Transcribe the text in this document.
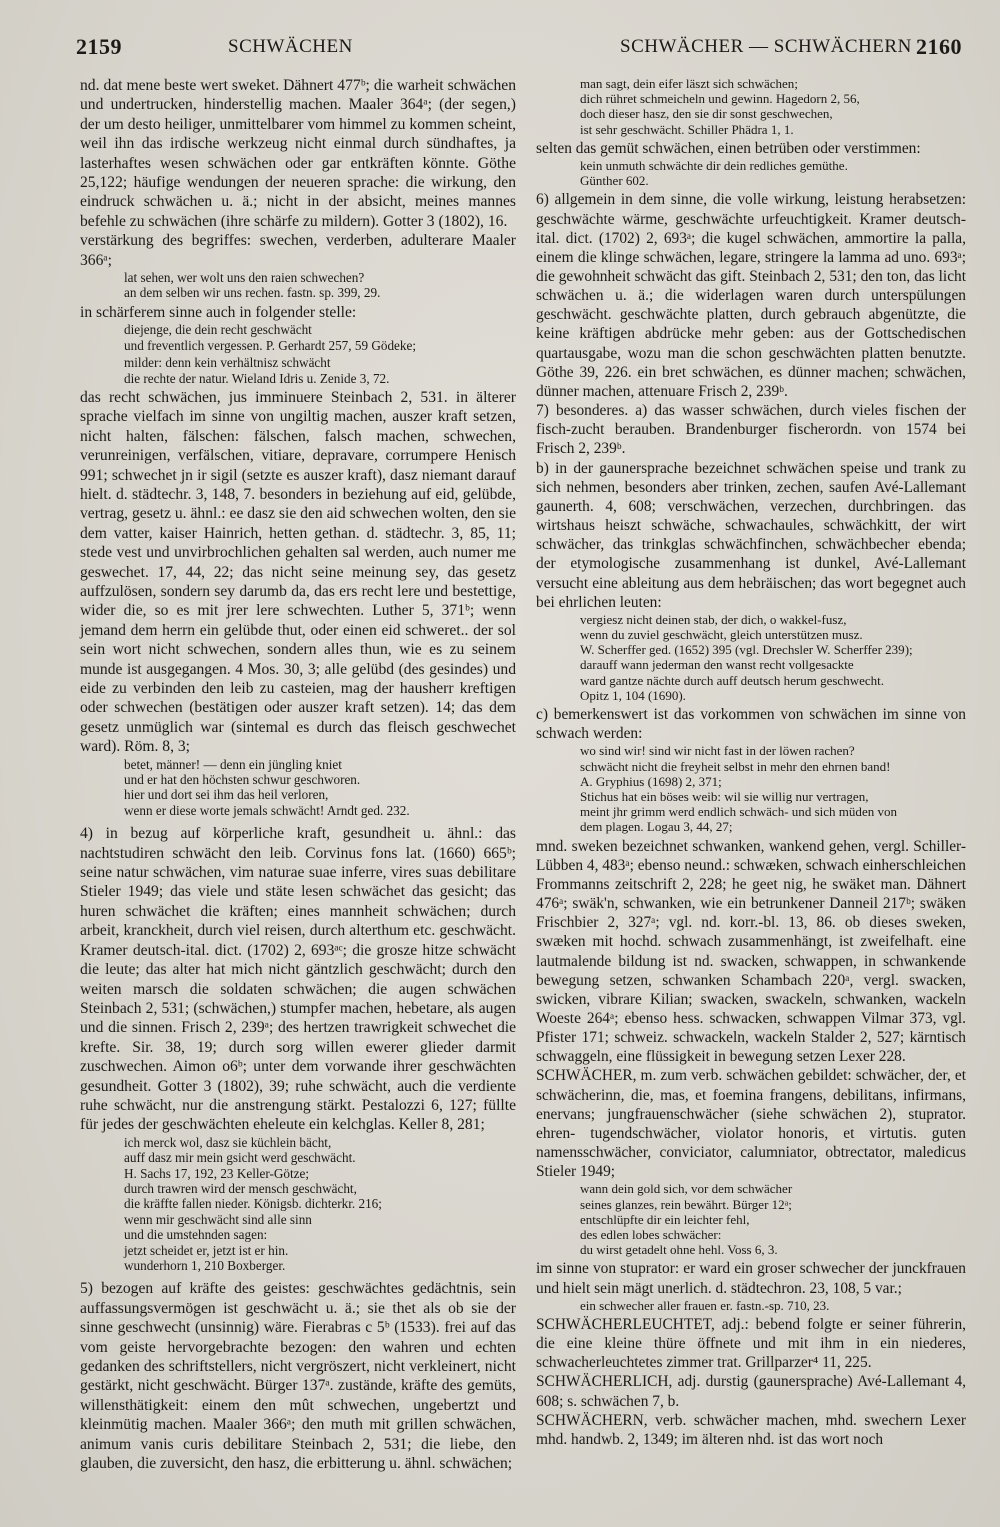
2159	SCHWÄCHEN	SCHWÄCHER — SCHWÄCHERN 2160

nd. dat mene beste wert sweket. Dähnert 477ᵇ; die warheit schwächen und undertrucken, hinderstellig machen. Maaler 364ᵃ; (der segen,) der um desto heiliger, unmittelbarer vom himmel zu kommen scheint, weil ihn das irdische werkzeug nicht einmal durch sündhaftes, ja lasterhaftes wesen schwächen oder gar entkräften könnte. Göthe 25,122; häufige wendungen der neueren sprache: die wirkung, den eindruck schwächen u. ä.; nicht in der absicht, meines mannes befehle zu schwächen (ihre schärfe zu mildern). Gotter 3 (1802), 16.

verstärkung des begriffes: swechen, verderben, adulterare Maaler 366ᵃ;

lat sehen, wer wolt uns den raien schwechen?
an dem selben wir uns rechen. fastn. sp. 399, 29.

in schärferem sinne auch in folgender stelle:

diejenge, die dein recht geschwächt
und freventlich vergessen. P. Gerhardt 257, 59 Gödeke;

milder: denn kein verhältnisz schwächt
die rechte der natur. Wieland Idris u. Zenide 3, 72.

das recht schwächen, jus imminuere Steinbach 2, 531. in älterer sprache vielfach im sinne von ungiltig machen, auszer kraft setzen, nicht halten, fälschen: fälschen, falsch machen, schwechen, verunreinigen, verfälschen, vitiare, depravare, corrumpere Henisch 991; schwechet jn ir sigil (setzte es auszer kraft), dasz niemant darauf hielt. d. städtechr. 3, 148, 7. besonders in beziehung auf eid, gelübde, vertrag, gesetz u. ähnl.: ee dasz sie den aid schwechen wolten, den sie dem vatter, kaiser Hainrich, hetten gethan. d. städtechr. 3, 85, 11; stede vest und unvirbrochlichen gehalten sal werden, auch numer me geswechet. 17, 44, 22; das nicht seine meinung sey, das gesetz auffzulösen, sondern sey darumb da, das ers recht lere und bestettige, wider die, so es mit jrer lere schwechten. Luther 5, 371ᵇ; wenn jemand dem herrn ein gelübde thut, oder einen eid schweret.. der sol sein wort nicht schwechen, sondern alles thun, wie es zu seinem munde ist ausgegangen. 4 Mos. 30, 3; alle gelübd (des gesindes) und eide zu verbinden den leib zu casteien, mag der hausherr kreftigen oder schwechen (bestätigen oder auszer kraft setzen). 14; das dem gesetz unmüglich war (sintemal es durch das fleisch geschwechet ward). Röm. 8, 3;

betet, männer! — denn ein jüngling kniet
und er hat den höchsten schwur geschworen.
hier und dort sei ihm das heil verloren,
wenn er diese worte jemals schwächt! Arndt ged. 232.

4) in bezug auf körperliche kraft, gesundheit u. ähnl.: das nachtstudiren schwächt den leib. Corvinus fons lat. (1660) 665ᵇ; seine natur schwächen, vim naturae suae inferre, vires suas debilitare Stieler 1949; das viele und stäte lesen schwächet das gesicht; das huren schwächet die kräften; eines mannheit schwächen; durch arbeit, kranckheit, durch viel reisen, durch alterthum etc. geschwächt. Kramer deutsch-ital. dict. (1702) 2, 693ᵃᶜ; die grosze hitze schwächt die leute; das alter hat mich nicht gäntzlich geschwächt; durch den weiten marsch die soldaten schwächen; die augen schwächen Steinbach 2, 531; (schwächen,) stumpfer machen, hebetare, als augen und die sinnen. Frisch 2, 239ᵃ; des hertzen trawrigkeit schwechet die krefte. Sir. 38, 19; durch sorg willen ewerer glieder darmit zuschwechen. Aimon o6ᵇ; unter dem vorwande ihrer geschwächten gesundheit. Gotter 3 (1802), 39; ruhe schwächt, auch die verdiente ruhe schwächt, nur die anstrengung stärkt. Pestalozzi 6, 127; füllte für jedes der geschwächten eheleute ein kelchglas. Keller 8, 281;

ich merck wol, dasz sie küchlein bächt,
auff dasz mir mein gsicht werd geschwächt.
H. Sachs 17, 192, 23 Keller-Götze;
durch trawren wird der mensch geschwächt,
die kräffte fallen nieder. Königsb. dichterkr. 216;
wenn mir geschwächt sind alle sinn
und die umstehnden sagen:
jetzt scheidet er, jetzt ist er hin.
wunderhorn 1, 210 Boxberger.

5) bezogen auf kräfte des geistes: geschwächtes gedächtnis, sein auffassungsvermögen ist geschwächt u. ä.; sie thet als ob sie der sinne geschwecht (unsinnig) wäre. Fierabras c 5ᵇ (1533). frei auf das vom geiste hervorgebrachte bezogen: den wahren und echten gedanken des schriftstellers, nicht vergröszert, nicht verkleinert, nicht gestärkt, nicht geschwächt. Bürger 137ᵃ. zustände, kräfte des gemüts, willensthätigkeit: einem den mût schwechen, ungebertzt und kleinmütig machen. Maaler 366ᵃ; den muth mit grillen schwächen, animum vanis curis debilitare Steinbach 2, 531; die liebe, den glauben, die zuversicht, den hasz, die erbitterung u. ähnl. schwächen;

man sagt, dein eifer läszt sich schwächen;
dich rühret schmeicheln und gewinn. Hagedorn 2, 56,
doch dieser hasz, den sie dir sonst geschwechen,
ist sehr geschwächt. Schiller Phädra 1, 1.

selten das gemüt schwächen, einen betrüben oder verstimmen:

kein unmuth schwächte dir dein redliches gemüthe.
Günther 602.

6) allgemein in dem sinne, die volle wirkung, leistung herabsetzen: geschwächte wärme, geschwächte urfeuchtigkeit. Kramer deutsch-ital. dict. (1702) 2, 693ᵃ; die kugel schwächen, ammortire la palla, einem die klinge schwächen, legare, stringere la lamma ad uno. 693ᵃ; die gewohnheit schwächt das gift. Steinbach 2, 531; den ton, das licht schwächen u. ä.; die widerlagen waren durch unterspülungen geschwächt. geschwächte platten, durch gebrauch abgenützte, die keine kräftigen abdrücke mehr geben: aus der Gottschedischen quartausgabe, wozu man die schon geschwächten platten benutzte. Göthe 39, 226. ein bret schwächen, es dünner machen; schwächen, dünner machen, attenuare Frisch 2, 239ᵇ.

7) besonderes. a) das wasser schwächen, durch vieles fischen der fisch-zucht berauben. Brandenburger fischerordn. von 1574 bei Frisch 2, 239ᵇ.

b) in der gaunersprache bezeichnet schwächen speise und trank zu sich nehmen, besonders aber trinken, zechen, saufen Avé-Lallemant gaunerth. 4, 608; verschwächen, verzechen, durchbringen. das wirtshaus heiszt schwäche, schwachaules, schwächkitt, der wirt schwächer, das trinkglas schwächfinchen, schwächbecher ebenda; der etymologische zusammenhang ist dunkel, Avé-Lallemant versucht eine ableitung aus dem hebräischen; das wort begegnet auch bei ehrlichen leuten:

vergiesz nicht deinen stab, der dich, o wakkel-fusz,
wenn du zuviel geschwächt, gleich unterstützen musz.
W. Scherffer ged. (1652) 395 (vgl. Drechsler W. Scherffer 239);
darauff wann jederman den wanst recht vollgesackte
ward gantze nächte durch auff deutsch herum geschwecht.
Opitz 1, 104 (1690).

c) bemerkenswert ist das vorkommen von schwächen im sinne von schwach werden:

wo sind wir! sind wir nicht fast in der löwen rachen?
schwächt nicht die freyheit selbst in mehr den ehrnen band!
A. Gryphius (1698) 2, 371;
Stichus hat ein böses weib: wil sie willig nur vertragen,
meint jhr grimm werd endlich schwäch- und sich müden von
dem plagen. Logau 3, 44, 27;

mnd. sweken bezeichnet schwanken, wankend gehen, vergl. Schiller-Lübben 4, 483ᵃ; ebenso neund.: schwæken, schwach einherschleichen Frommanns zeitschrift 2, 228; he geet nig, he swäket man. Dähnert 476ᵃ; swäk'n, schwanken, wie ein betrunkener Danneil 217ᵇ; swäken Frischbier 2, 327ᵃ; vgl. nd. korr.-bl. 13, 86. ob dieses sweken, swæken mit hochd. schwach zusammenhängt, ist zweifelhaft. eine lautmalende bildung ist nd. swacken, schwappen, in schwankende bewegung setzen, schwanken Schambach 220ᵃ, vergl. swacken, swicken, vibrare Kilian; swacken, swackeln, schwanken, wackeln Woeste 264ᵃ; ebenso hess. schwacken, schwappen Vilmar 373, vgl. Pfister 171; schweiz. schwackeln, wackeln Stalder 2, 527; kärntisch schwaggeln, eine flüssigkeit in bewegung setzen Lexer 228.

SCHWÄCHER, m. zum verb. schwächen gebildet: schwächer, der, et schwächerinn, die, mas, et foemina frangens, debilitans, infirmans, enervans; jungfrauenschwächer (siehe schwächen 2), stuprator. ehren- tugendschwächer, violator honoris, et virtutis. guten namensschwächer, conviciator, calumniator, obtrectator, maledicus Stieler 1949;

wann dein gold sich, vor dem schwächer
seines glanzes, rein bewährt. Bürger 12ᵃ;
entschlüpfte dir ein leichter fehl,
des edlen lobes schwächer:
du wirst getadelt ohne hehl. Voss 6, 3.

im sinne von stuprator: er ward ein groser schwecher der junckfrauen und hielt sein mägt unerlich. d. städtechron. 23, 108, 5 var.;

ein schwecher aller frauen er. fastn.-sp. 710, 23.

SCHWÄCHERLEUCHTET, adj.: bebend folgte er seiner führerin, die eine kleine thüre öffnete und mit ihm in ein niederes, schwacherleuchtetes zimmer trat. Grillparzer⁴ 11, 225.

SCHWÄCHERLICH, adj. durstig (gaunersprache) Avé-Lallemant 4, 608; s. schwächen 7, b.

SCHWÄCHERN, verb. schwächer machen, mhd. swechern Lexer mhd. handwb. 2, 1349; im älteren nhd. ist das wort noch
